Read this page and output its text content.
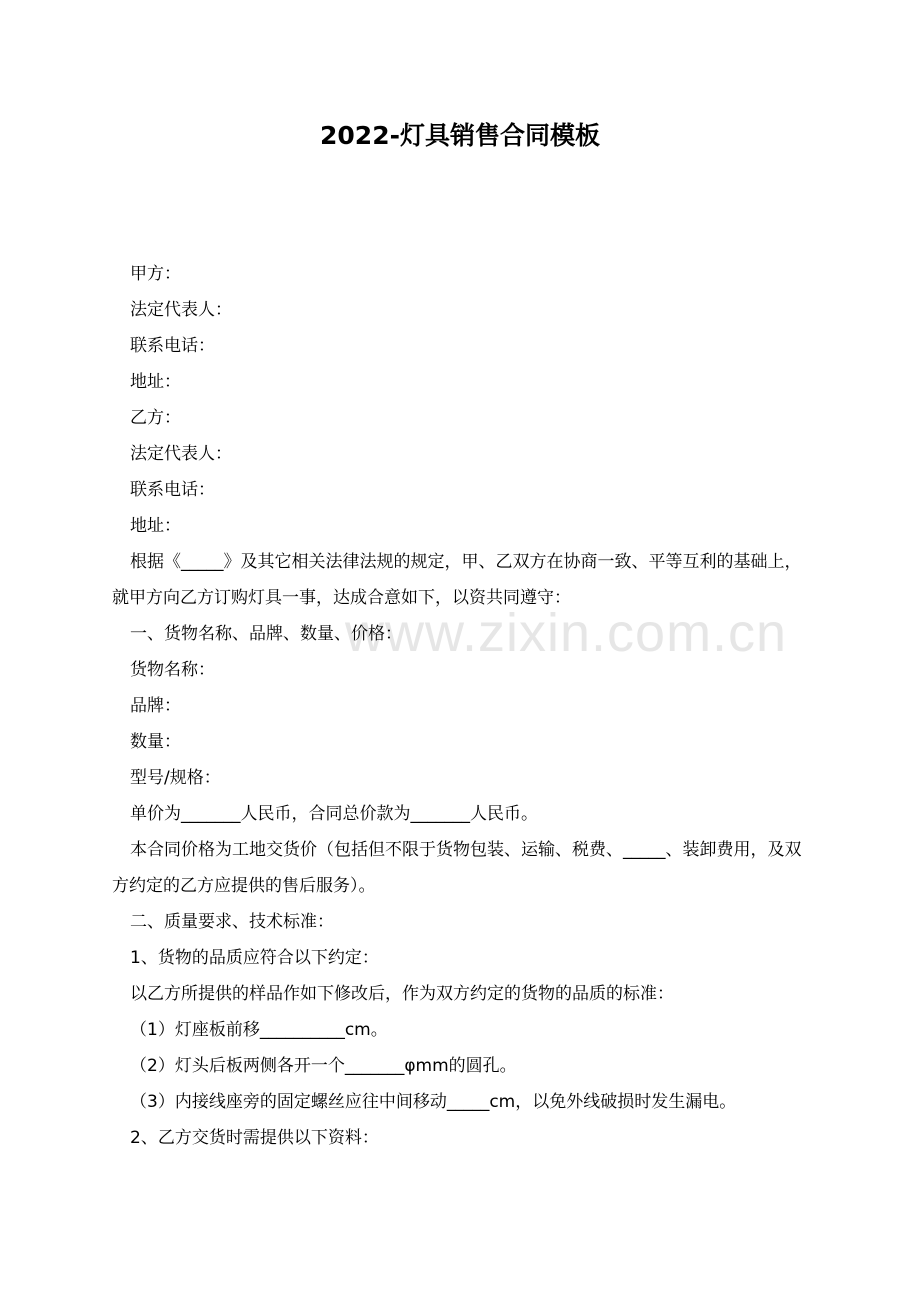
www.zixin.com.cn
2022-灯具销售合同模板

甲方：

法定代表人：

联系电话：

地址：

乙方：

法定代表人：

联系电话：

地址：

根据《_____》及其它相关法律法规的规定，甲、乙双方在协商一致、平等互利的基础上，就甲方向乙方订购灯具一事，达成合意如下，以资共同遵守：

一、货物名称、品牌、数量、价格：

货物名称：

品牌：

数量：

型号/规格：

单价为_______人民币，合同总价款为_______人民币。

本合同价格为工地交货价（包括但不限于货物包装、运输、税费、_____、装卸费用，及双方约定的乙方应提供的售后服务）。

二、质量要求、技术标准：

1、货物的品质应符合以下约定：

以乙方所提供的样品作如下修改后，作为双方约定的货物的品质的标准：

（1）灯座板前移__________cm。

（2）灯头后板两侧各开一个_______φmm的圆孔。

（3）内接线座旁的固定螺丝应往中间移动_____cm，以免外线破损时发生漏电。

2、乙方交货时需提供以下资料：
